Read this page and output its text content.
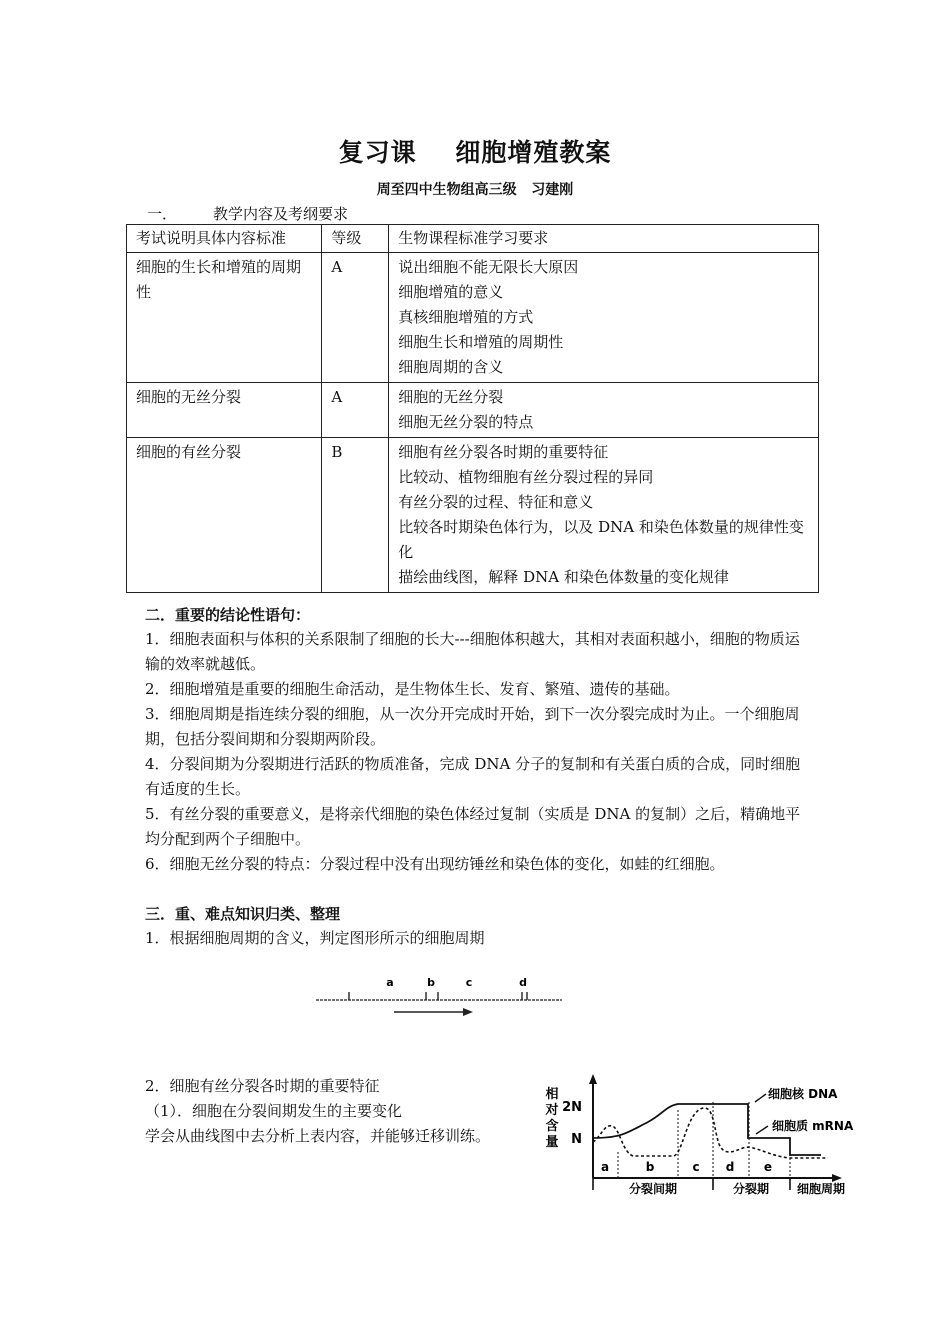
复习课    细胞增殖教案
周至四中生物组高三级   习建刚
一． 教学内容及考纲要求
考试说明具体内容标准	等级	生物课程标准学习要求
细胞的生长和增殖的周期性	A	说出细胞不能无限长大原因
细胞增殖的意义
真核细胞增殖的方式
细胞生长和增殖的周期性
细胞周期的含义

细胞的无丝分裂	A	细胞的无丝分裂
细胞无丝分裂的特点

细胞的有丝分裂	B	细胞有丝分裂各时期的重要特征
比较动、植物细胞有丝分裂过程的异同
有丝分裂的过程、特征和意义
比较各时期染色体行为，以及 DNA 和染色体数量的规律性变化
描绘曲线图，解释 DNA 和染色体数量的变化规律
二．重要的结论性语句：

1．细胞表面积与体积的关系限制了细胞的长大---细胞体积越大，其相对表面积越小，细胞的物质运输的效率就越低。

2．细胞增殖是重要的细胞生命活动，是生物体生长、发育、繁殖、遗传的基础。

3．细胞周期是指连续分裂的细胞，从一次分开完成时开始，到下一次分裂完成时为止。一个细胞周期，包括分裂间期和分裂期两阶段。

4．分裂间期为分裂期进行活跃的物质准备，完成 DNA 分子的复制和有关蛋白质的合成，同时细胞有适度的生长。

5．有丝分裂的重要意义，是将亲代细胞的染色体经过复制（实质是 DNA 的复制）之后，精确地平均分配到两个子细胞中。

6．细胞无丝分裂的特点：分裂过程中没有出现纺锤丝和染色体的变化，如蛙的红细胞。

三．重、难点知识归类、整理
1．根据细胞周期的含义，判定图形所示的细胞周期
a	b	c	d
2．细胞有丝分裂各时期的重要特征
（1）．细胞在分裂间期发生的主要变化
学会从曲线图中去分析上表内容，并能够迁移训练。
相
对
含
量
2N
N
细胞核 DNA
细胞质 mRNA
a	b	c d e
分裂间期	分裂期 细胞周期
